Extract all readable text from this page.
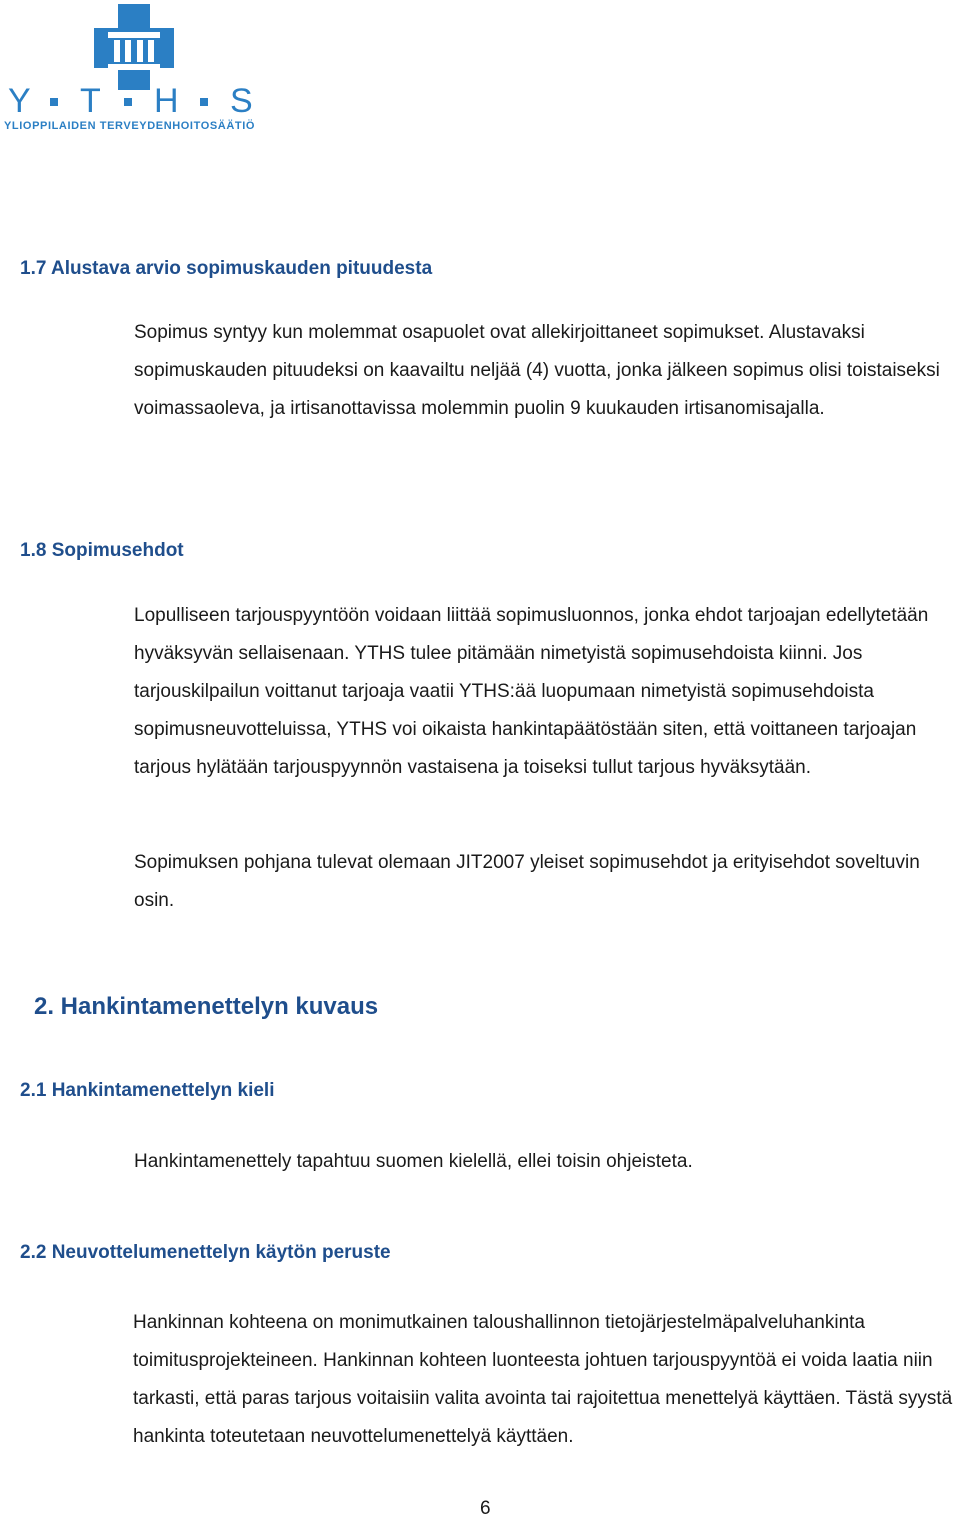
Y T H S
YLIOPPILAIDEN TERVEYDENHOITOSÄÄTIÖ
1.7 Alustava arvio sopimuskauden pituudesta

Sopimus syntyy kun molemmat osapuolet ovat allekirjoittaneet sopimukset. Alustavaksi sopimuskauden pituudeksi on kaavailtu neljää (4) vuotta, jonka jälkeen sopimus olisi toistaiseksi voimassaoleva, ja irtisanottavissa molemmin puolin 9 kuukauden irtisanomisajalla.

1.8 Sopimusehdot

Lopulliseen tarjouspyyntöön voidaan liittää sopimusluonnos, jonka ehdot tarjoajan edellytetään hyväksyvän sellaisenaan. YTHS tulee pitämään nimetyistä sopimusehdoista kiinni. Jos tarjouskilpailun voittanut tarjoaja vaatii YTHS:ää luopumaan nimetyistä sopimusehdoista sopimusneuvotteluissa, YTHS voi oikaista hankintapäätöstään siten, että voittaneen tarjoajan tarjous hylätään tarjouspyynnön vastaisena ja toiseksi tullut tarjous hyväksytään.

Sopimuksen pohjana tulevat olemaan JIT2007 yleiset sopimusehdot ja erityisehdot soveltuvin osin.

2. Hankintamenettelyn kuvaus
2.1 Hankintamenettelyn kieli

Hankintamenettely tapahtuu suomen kielellä, ellei toisin ohjeisteta.

2.2 Neuvottelumenettelyn käytön peruste

Hankinnan kohteena on monimutkainen taloushallinnon tietojärjestelmäpalveluhankinta toimitusprojekteineen. Hankinnan kohteen luonteesta johtuen tarjouspyyntöä ei voida laatia niin tarkasti, että paras tarjous voitaisiin valita avointa tai rajoitettua menettelyä käyttäen. Tästä syystä hankinta toteutetaan neuvottelumenettelyä käyttäen.

6
